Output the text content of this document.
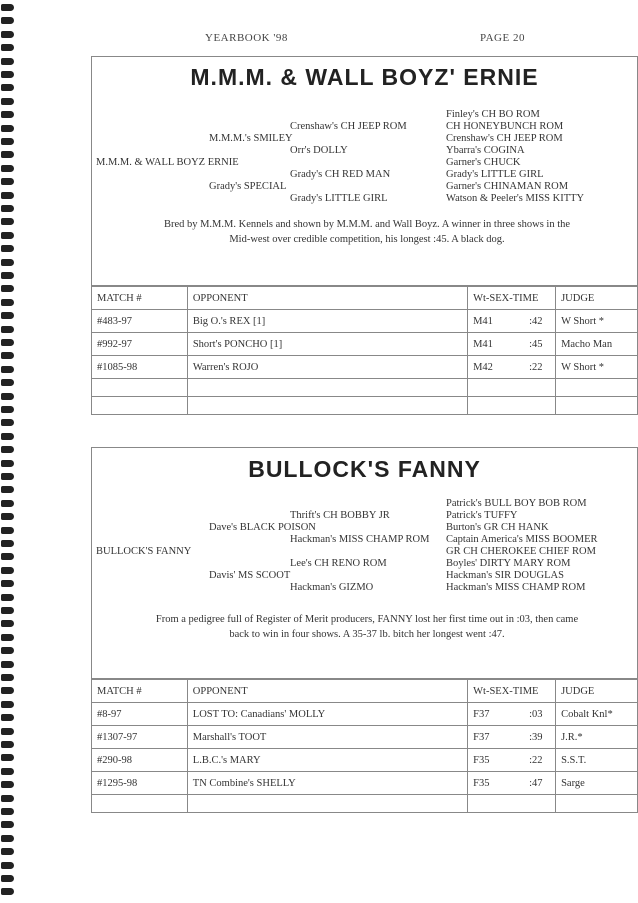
YEARBOOK '98	PAGE 20
M.M.M. & WALL BOYZ' ERNIE
Finley's CH BO ROM
Crenshaw's CH JEEP ROM	CH HONEYBUNCH ROM
M.M.M.'s SMILEY	Crenshaw's CH JEEP ROM
Orr's DOLLY	Ybarra's COGINA
M.M.M. & WALL BOYZ ERNIE	Garner's CHUCK
Grady's CH RED MAN	Grady's LITTLE GIRL
Grady's SPECIAL	Garner's CHINAMAN ROM
Grady's LITTLE GIRL	Watson & Peeler's MISS KITTY
Bred by M.M.M. Kennels and shown by M.M.M. and Wall Boyz. A winner in three shows in the
Mid-west over credible competition, his longest :45. A black dog.
MATCH #	OPPONENT	Wt-SEX-TIME	JUDGE
#483-97	Big O.'s REX [1]	M41 :42	W Short *
#992-97	Short's PONCHO [1]	M41 :45	Macho Man
#1085-98	Warren's ROJO	M42 :22	W Short *

BULLOCK'S FANNY
Patrick's BULL BOY BOB ROM
Thrift's CH BOBBY JR	Patrick's TUFFY
Dave's BLACK POISON	Burton's GR CH HANK
Hackman's MISS CHAMP ROM Captain America's MISS BOOMER
BULLOCK'S FANNY	GR CH CHEROKEE CHIEF ROM
Lee's CH RENO ROM	Boyles' DIRTY MARY ROM
Davis' MS SCOOT	Hackman's SIR DOUGLAS
Hackman's GIZMO	Hackman's MISS CHAMP ROM
From a pedigree full of Register of Merit producers, FANNY lost her first time out in :03, then came
back to win in four shows. A 35-37 lb. bitch her longest went :47.
MATCH #	OPPONENT	Wt-SEX-TIME	JUDGE
#8-97	LOST TO: Canadians' MOLLY	F37 :03	Cobalt Knl*
#1307-97	Marshall's TOOT	F37 :39	J.R.*
#290-98	L.B.C.'s MARY	F35 :22	S.S.T.
#1295-98	TN Combine's SHELLY	F35 :47	Sarge
